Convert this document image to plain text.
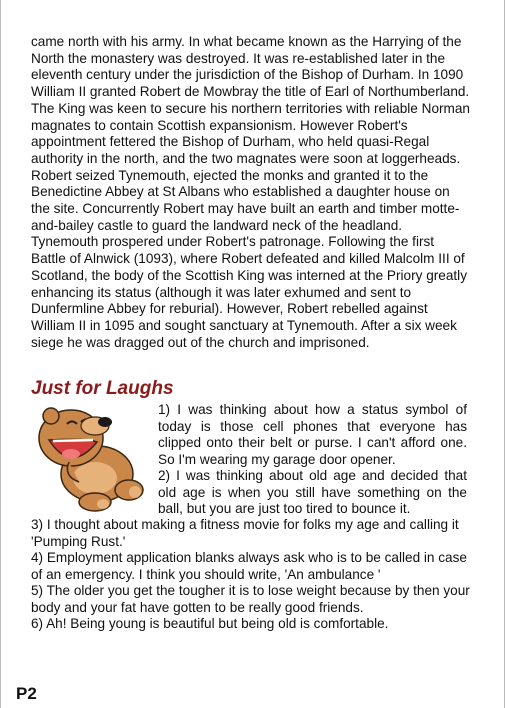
came north with his army. In what became known as the Harrying of the North the monastery was destroyed. It was re-established later in the eleventh century under the jurisdiction of the Bishop of Durham. In 1090 William II granted Robert de Mowbray the title of Earl of Northumberland. The King was keen to secure his northern territories with reliable Norman magnates to contain Scottish expansionism. However Robert's appointment fettered the Bishop of Durham, who held quasi-Regal authority in the north, and the two magnates were soon at loggerheads. Robert seized Tynemouth, ejected the monks and granted it to the Benedictine Abbey at St Albans who established a daughter house on the site. Concurrently Robert may have built an earth and timber motte-and-bailey castle to guard the landward neck of the headland. Tynemouth prospered under Robert's patronage. Following the first Battle of Alnwick (1093), where Robert defeated and killed Malcolm III of Scotland, the body of the Scottish King was interned at the Priory greatly enhancing its status (although it was later exhumed and sent to Dunfermline Abbey for reburial). However, Robert rebelled against William II in 1095 and sought sanctuary at Tynemouth. After a six week siege he was dragged out of the church and imprisoned.

Just for Laughs

1) I was thinking about how a status symbol of today is those cell phones that everyone has clipped onto their belt or purse. I can't afford one. So I'm wearing my garage door opener.

2) I was thinking about old age and decided that old age is when you still have something on the ball, but you are just too tired to bounce it.

3) I thought about making a fitness movie for folks my age and calling it 'Pumping Rust.'

4) Employment application blanks always ask who is to be called in case of an emergency. I think you should write, 'An ambulance '

5) The older you get the tougher it is to lose weight because by then your body and your fat have gotten to be really good friends.

6) Ah! Being young is beautiful but being old is comfortable.

P2
